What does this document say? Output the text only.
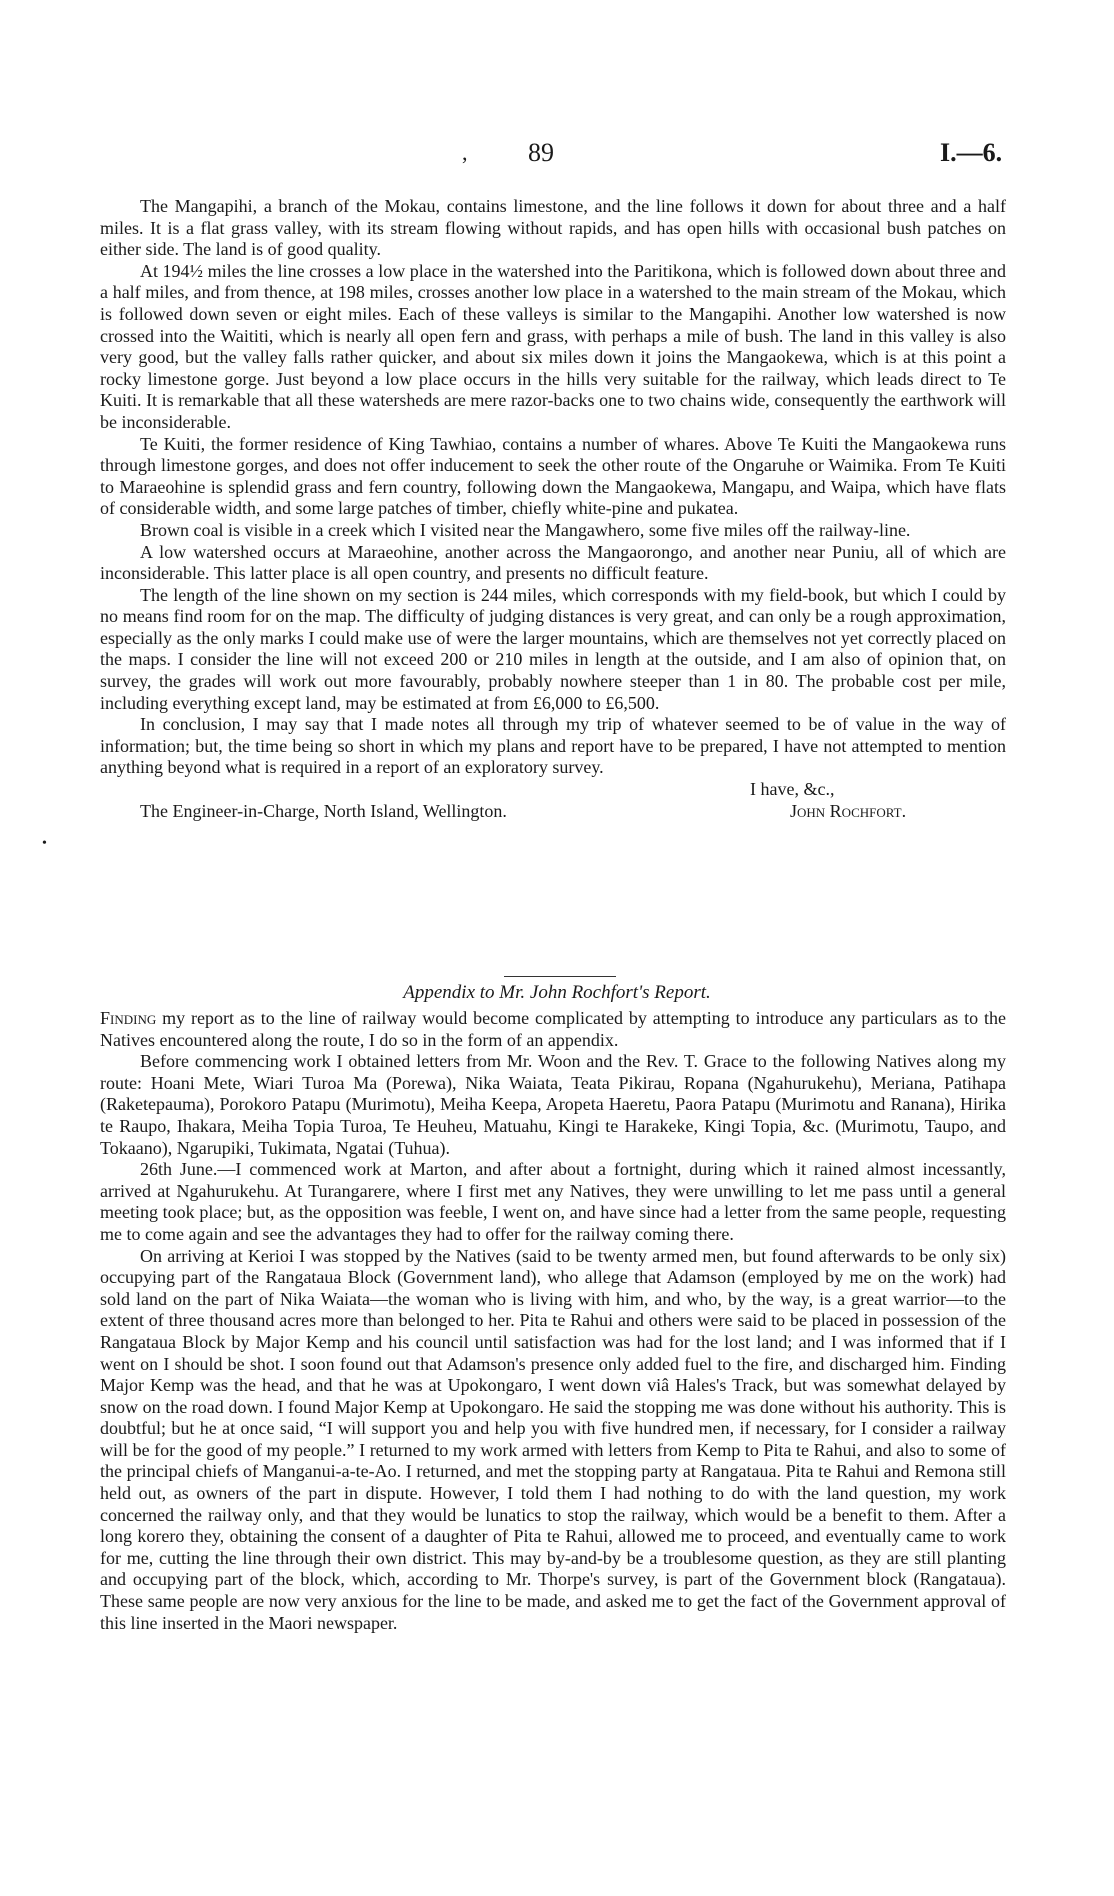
, 89	I.—6.
•

The Mangapihi, a branch of the Mokau, contains limestone, and the line follows it down for about three and a half miles. It is a flat grass valley, with its stream flowing without rapids, and has open hills with occasional bush patches on either side. The land is of good quality.

At 194½ miles the line crosses a low place in the watershed into the Paritikona, which is followed down about three and a half miles, and from thence, at 198 miles, crosses another low place in a watershed to the main stream of the Mokau, which is followed down seven or eight miles. Each of these valleys is similar to the Mangapihi. Another low watershed is now crossed into the Waititi, which is nearly all open fern and grass, with perhaps a mile of bush. The land in this valley is also very good, but the valley falls rather quicker, and about six miles down it joins the Mangaokewa, which is at this point a rocky limestone gorge. Just beyond a low place occurs in the hills very suitable for the railway, which leads direct to Te Kuiti. It is remarkable that all these watersheds are mere razor-backs one to two chains wide, consequently the earthwork will be inconsiderable.

Te Kuiti, the former residence of King Tawhiao, contains a number of whares. Above Te Kuiti the Mangaokewa runs through limestone gorges, and does not offer inducement to seek the other route of the Ongaruhe or Waimika. From Te Kuiti to Maraeohine is splendid grass and fern country, following down the Mangaokewa, Mangapu, and Waipa, which have flats of considerable width, and some large patches of timber, chiefly white-pine and pukatea.

Brown coal is visible in a creek which I visited near the Mangawhero, some five miles off the railway-line.

A low watershed occurs at Maraeohine, another across the Mangaorongo, and another near Puniu, all of which are inconsiderable. This latter place is all open country, and presents no difficult feature.

The length of the line shown on my section is 244 miles, which corresponds with my field-book, but which I could by no means find room for on the map. The difficulty of judging distances is very great, and can only be a rough approximation, especially as the only marks I could make use of were the larger mountains, which are themselves not yet correctly placed on the maps. I consider the line will not exceed 200 or 210 miles in length at the outside, and I am also of opinion that, on survey, the grades will work out more favourably, probably nowhere steeper than 1 in 80. The probable cost per mile, including everything except land, may be estimated at from £6,000 to £6,500.

In conclusion, I may say that I made notes all through my trip of whatever seemed to be of value in the way of information; but, the time being so short in which my plans and report have to be prepared, I have not attempted to mention anything beyond what is required in a report of an exploratory survey.

I have, &c.,
The Engineer-in-Charge, North Island, Wellington.	John Rochfort.
Appendix to Mr. John Rochfort's Report.

Finding my report as to the line of railway would become complicated by attempting to introduce any particulars as to the Natives encountered along the route, I do so in the form of an appendix.

Before commencing work I obtained letters from Mr. Woon and the Rev. T. Grace to the following Natives along my route: Hoani Mete, Wiari Turoa Ma (Porewa), Nika Waiata, Teata Pikirau, Ropana (Ngahurukehu), Meriana, Patihapa (Raketepauma), Porokoro Patapu (Murimotu), Meiha Keepa, Aropeta Haeretu, Paora Patapu (Murimotu and Ranana), Hirika te Raupo, Ihakara, Meiha Topia Turoa, Te Heuheu, Matuahu, Kingi te Harakeke, Kingi Topia, &c. (Murimotu, Taupo, and Tokaano), Ngarupiki, Tukimata, Ngatai (Tuhua).

26th June.—I commenced work at Marton, and after about a fortnight, during which it rained almost incessantly, arrived at Ngahurukehu. At Turangarere, where I first met any Natives, they were unwilling to let me pass until a general meeting took place; but, as the opposition was feeble, I went on, and have since had a letter from the same people, requesting me to come again and see the advantages they had to offer for the railway coming there.

On arriving at Kerioi I was stopped by the Natives (said to be twenty armed men, but found afterwards to be only six) occupying part of the Rangataua Block (Government land), who allege that Adamson (employed by me on the work) had sold land on the part of Nika Waiata—the woman who is living with him, and who, by the way, is a great warrior—to the extent of three thousand acres more than belonged to her. Pita te Rahui and others were said to be placed in possession of the Rangataua Block by Major Kemp and his council until satisfaction was had for the lost land; and I was informed that if I went on I should be shot. I soon found out that Adamson's presence only added fuel to the fire, and discharged him. Finding Major Kemp was the head, and that he was at Upokongaro, I went down viâ Hales's Track, but was somewhat delayed by snow on the road down. I found Major Kemp at Upokongaro. He said the stopping me was done without his authority. This is doubtful; but he at once said, “I will support you and help you with five hundred men, if necessary, for I consider a railway will be for the good of my people.” I returned to my work armed with letters from Kemp to Pita te Rahui, and also to some of the principal chiefs of Manganui-a-te-Ao. I returned, and met the stopping party at Rangataua. Pita te Rahui and Remona still held out, as owners of the part in dispute. However, I told them I had nothing to do with the land question, my work concerned the railway only, and that they would be lunatics to stop the railway, which would be a benefit to them. After a long korero they, obtaining the consent of a daughter of Pita te Rahui, allowed me to proceed, and eventually came to work for me, cutting the line through their own district. This may by-and-by be a troublesome question, as they are still planting and occupying part of the block, which, according to Mr. Thorpe's survey, is part of the Government block (Rangataua). These same people are now very anxious for the line to be made, and asked me to get the fact of the Government approval of this line inserted in the Maori newspaper.
